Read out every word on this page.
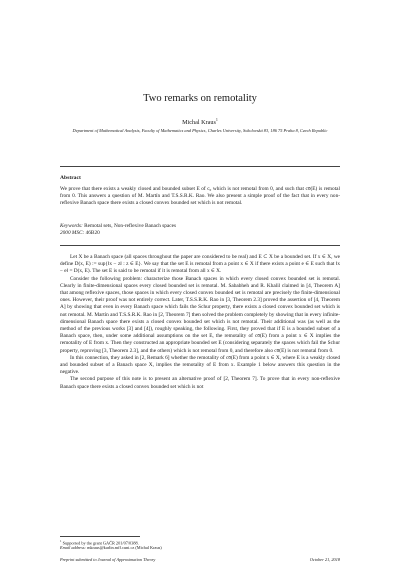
Two remarks on remotality
Michal Kraus$^1$
Department of Mathematical Analysis, Faculty of Mathematics and Physics, Charles University, Sokolovská 83, 186 75 Praha 8, Czech Republic
Abstract
We prove that there exists a weakly closed and bounded subset E of c₀ which is not remotal from 0, and such that co̅(E) is remotal from 0. This answers a question of M. Martín and T.S.S.R.K. Rao. We also present a simple proof of the fact that in every non-reflexive Banach space there exists a closed convex bounded set which is not remotal.
Keywords: Remotal sets, Non-reflexive Banach spaces
2000 MSC: 46B20

Let X be a Banach space (all spaces throughout the paper are considered to be real) and E ⊂ X be a bounded set. If x ∈ X, we define D(x, E) := sup{‖x − z‖ : z ∈ E}. We say that the set E is remotal from a point x ∈ X if there exists a point e ∈ E such that ‖x − e‖ = D(x, E). The set E is said to be remotal if it is remotal from all x ∈ X.

Consider the following problem: characterize those Banach spaces in which every closed convex bounded set is remotal. Clearly in finite-dimensional spaces every closed bounded set is remotal. M. Sababheh and R. Khalil claimed in [4, Theorem A] that among reflexive spaces, those spaces in which every closed convex bounded set is remotal are precisely the finite-dimensional ones. However, their proof was not entirely correct. Later, T.S.S.R.K. Rao in [3, Theorem 2.3] proved the assertion of [4, Theorem A] by showing that even in every Banach space which fails the Schur property, there exists a closed convex bounded set which is not remotal. M. Martín and T.S.S.R.K. Rao in [2, Theorem 7] then solved the problem completely by showing that in every infinite-dimensional Banach space there exists a closed convex bounded set which is not remotal. Their additional was (as well as the method of the previous works [3] and [4]), roughly speaking, the following. First, they proved that if E is a bounded subset of a Banach space, then, under some additional assumptions on the set E, the remotality of co̅(E) from a point x ∈ X implies the remotality of E from x. Then they constructed an appropriate bounded set E (considering separately the spaces which fail the Schur property, reproving [3, Theorem 2.3], and the others) which is not remotal from 0, and therefore also co̅(E) is not remotal from 0.

In this connection, they asked in [2, Remark 6] whether the remotality of co̅(E) from a point x ∈ X, where E is a weakly closed and bounded subset of a Banach space X, implies the remotality of E from x. Example 1 below answers this question in the negative.

The second purpose of this note is to present an alternative proof of [2, Theorem 7]. To prove that in every non-reflexive Banach space there exists a closed convex bounded set which is not

$^1$ Supported by the grant GAČR 201/07/0388.
Email address: mkraus@karlin.mff.cuni.cz (Michal Kraus)
Preprint submitted to Journal of Approximation Theory	October 21, 2018
